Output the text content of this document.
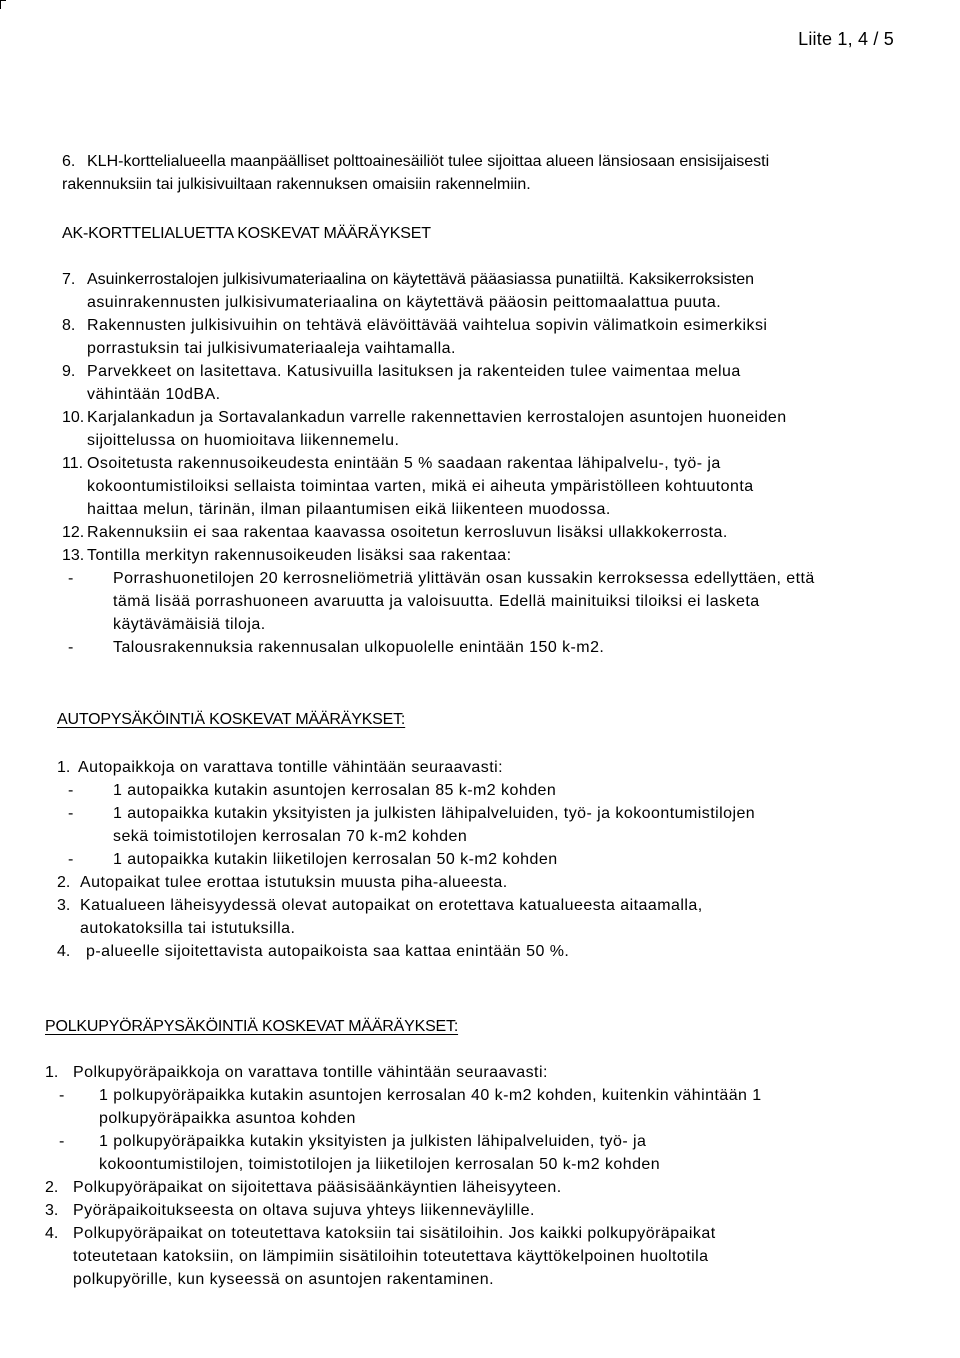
Liite 1, 4 / 5
6. KLH-korttelialueella maanpäälliset polttoainesäiliöt tulee sijoittaa alueen länsiosaan ensisijaisesti
rakennuksiin tai julkisivuiltaan rakennuksen omaisiin rakennelmiin.
AK-KORTTELIALUETTA KOSKEVAT MÄÄRÄYKSET
7. Asuinkerrostalojen julkisivumateriaalina on käytettävä pääasiassa punatiiltä. Kaksikerroksisten
asuinrakennusten julkisivumateriaalina on käytettävä pääosin peittomaalattua puuta.
8. Rakennusten julkisivuihin on tehtävä elävöittävää vaihtelua sopivin välimatkoin esimerkiksi
porrastuksin tai julkisivumateriaaleja vaihtamalla.
9. Parvekkeet on lasitettava. Katusivuilla lasituksen ja rakenteiden tulee vaimentaa melua
vähintään 10dBA.
10. Karjalankadun ja Sortavalankadun varrelle rakennettavien kerrostalojen asuntojen huoneiden
sijoittelussa on huomioitava liikennemelu.
11. Osoitetusta rakennusoikeudesta enintään 5 % saadaan rakentaa lähipalvelu-, työ- ja
kokoontumistiloiksi sellaista toimintaa varten, mikä ei aiheuta ympäristölleen kohtuutonta
haittaa melun, tärinän, ilman pilaantumisen eikä liikenteen muodossa.
12. Rakennuksiin ei saa rakentaa kaavassa osoitetun kerrosluvun lisäksi ullakkokerrosta.
13. Tontilla merkityn rakennusoikeuden lisäksi saa rakentaa:
- Porrashuonetilojen 20 kerrosneliömetriä ylittävän osan kussakin kerroksessa edellyttäen, että
tämä lisää porrashuoneen avaruutta ja valoisuutta. Edellä mainituiksi tiloiksi ei lasketa
käytävämäisiä tiloja.
- Talousrakennuksia rakennusalan ulkopuolelle enintään 150 k-m2.
AUTOPYSÄKÖINTIÄ KOSKEVAT MÄÄRÄYKSET:
1. Autopaikkoja on varattava tontille vähintään seuraavasti:
- 1 autopaikka kutakin asuntojen kerrosalan 85 k-m2 kohden
- 1 autopaikka kutakin yksityisten ja julkisten lähipalveluiden, työ- ja kokoontumistilojen
sekä toimistotilojen kerrosalan 70 k-m2 kohden
- 1 autopaikka kutakin liiketilojen kerrosalan 50 k-m2 kohden
2. Autopaikat tulee erottaa istutuksin muusta piha-alueesta.
3. Katualueen läheisyydessä olevat autopaikat on erotettava katualueesta aitaamalla,
autokatoksilla tai istutuksilla.
4. p-alueelle sijoitettavista autopaikoista saa kattaa enintään 50 %.
POLKUPYÖRÄPYSÄKÖINTIÄ KOSKEVAT MÄÄRÄYKSET:
1. Polkupyöräpaikkoja on varattava tontille vähintään seuraavasti:
- 1 polkupyöräpaikka kutakin asuntojen kerrosalan 40 k-m2 kohden, kuitenkin vähintään 1
polkupyöräpaikka asuntoa kohden
- 1 polkupyöräpaikka kutakin yksityisten ja julkisten lähipalveluiden, työ- ja
kokoontumistilojen, toimistotilojen ja liiketilojen kerrosalan 50 k-m2 kohden
2. Polkupyöräpaikat on sijoitettava pääsisäänkäyntien läheisyyteen.
3. Pyöräpaikoitukseesta on oltava sujuva yhteys liikenneväylille.
4. Polkupyöräpaikat on toteutettava katoksiin tai sisätiloihin. Jos kaikki polkupyöräpaikat
toteutetaan katoksiin, on lämpimiin sisätiloihin toteutettava käyttökelpoinen huoltotila
polkupyörille, kun kyseessä on asuntojen rakentaminen.
